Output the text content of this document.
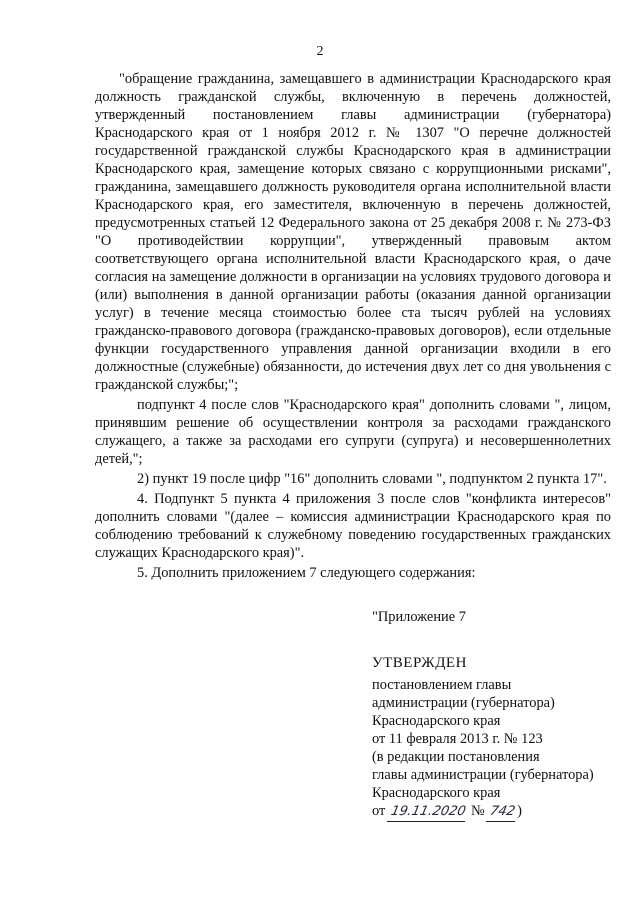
2

"обращение гражданина, замещавшего в администрации Краснодарского края должность гражданской службы, включенную в перечень должностей, утвержденный постановлением главы администрации (губернатора) Краснодарского края от 1 ноября 2012 г. № 1307 "О перечне должностей государственной гражданской службы Краснодарского края в администрации Краснодарского края, замещение которых связано с коррупционными рисками", гражданина, замещавшего должность руководителя органа исполнительной власти Краснодарского края, его заместителя, включенную в перечень должностей, предусмотренных статьей 12 Федерального закона от 25 декабря 2008 г. № 273-ФЗ "О противодействии коррупции", утвержденный правовым актом соответствующего органа исполнительной власти Краснодарского края, о даче согласия на замещение должности в организации на условиях трудового договора и (или) выполнения в данной организации работы (оказания данной организации услуг) в течение месяца стоимостью более ста тысяч рублей на условиях гражданско-правового договора (гражданско-правовых договоров), если отдельные функции государственного управления данной организации входили в его должностные (служебные) обязанности, до истечения двух лет со дня увольнения с гражданской службы;";

подпункт 4 после слов "Краснодарского края" дополнить словами ", лицом, принявшим решение об осуществлении контроля за расходами гражданского служащего, а также за расходами его супруги (супруга) и несовершеннолетних детей,";

2) пункт 19 после цифр "16" дополнить словами ", подпунктом 2 пункта 17".

4. Подпункт 5 пункта 4 приложения 3 после слов "конфликта интересов" дополнить словами "(далее – комиссия администрации Краснодарского края по соблюдению требований к служебному поведению государственных гражданских служащих Краснодарского края)".

5. Дополнить приложением 7 следующего содержания:

"Приложение 7

УТВЕРЖДЕН

постановлением главы

администрации (губернатора)

Краснодарского края

от 11 февраля 2013 г. № 123

(в редакции постановления

главы администрации (губернатора)

Краснодарского края

от 19.11.2020 № 742)
